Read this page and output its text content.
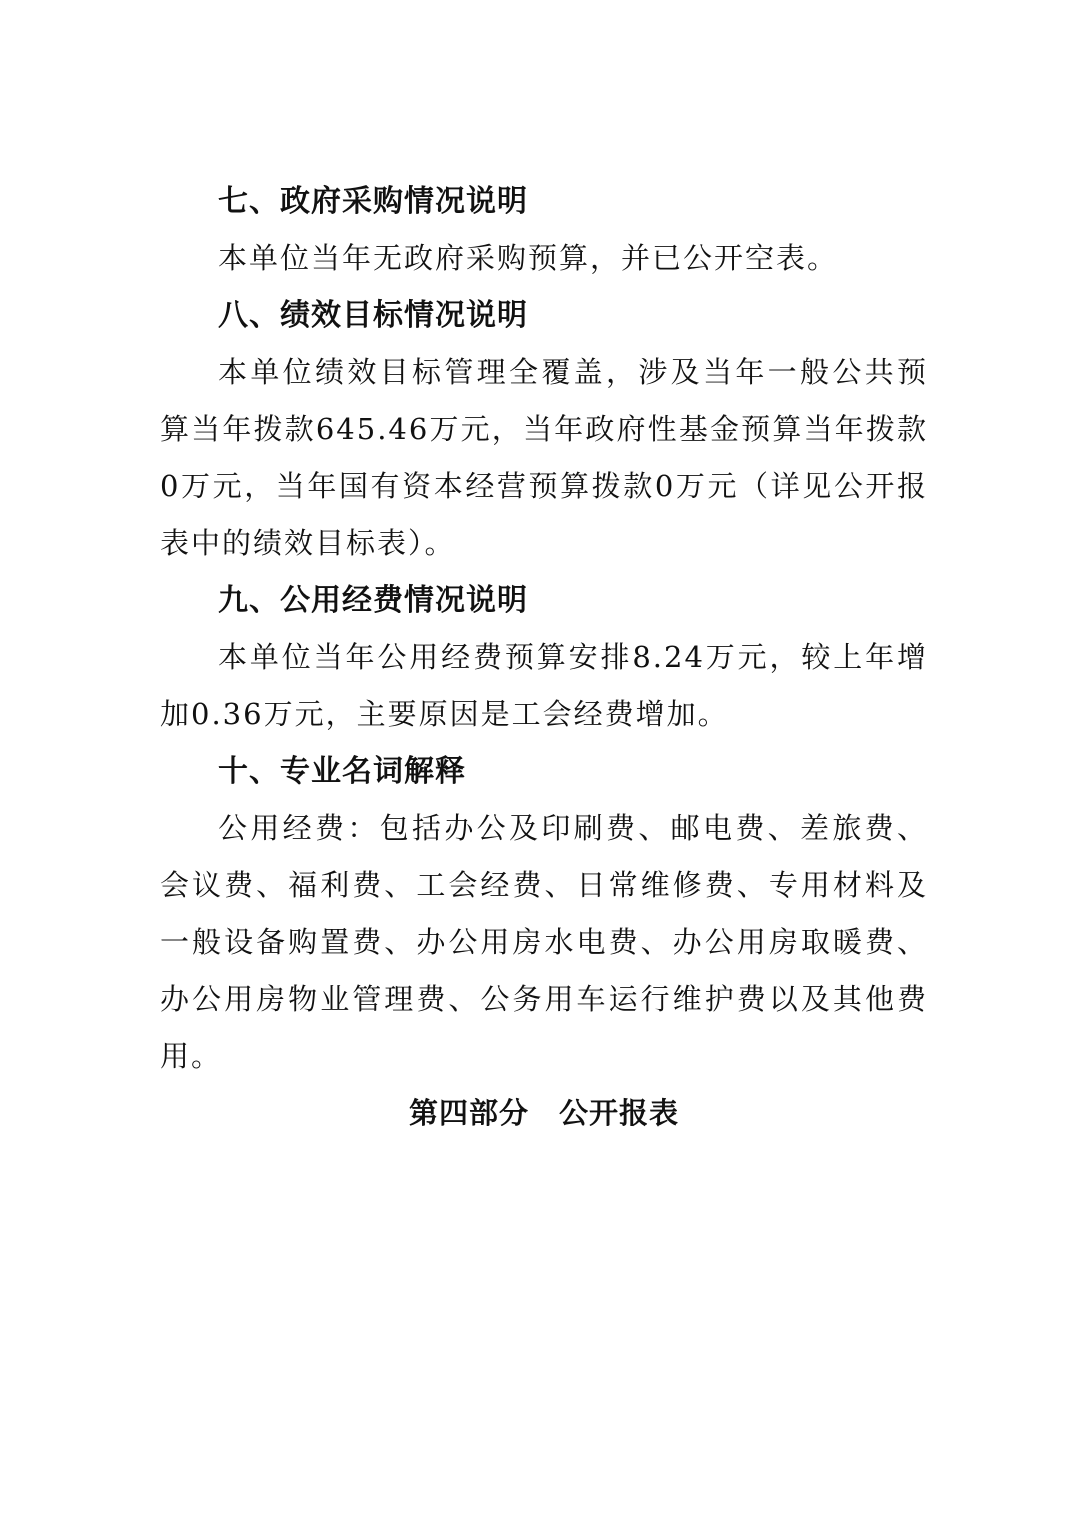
七、政府采购情况说明

本单位当年无政府采购预算，并已公开空表。

八、绩效目标情况说明

本单位绩效目标管理全覆盖，涉及当年一般公共预算当年拨款645.46万元，当年政府性基金预算当年拨款0万元，当年国有资本经营预算拨款0万元（详见公开报表中的绩效目标表）。

九、公用经费情况说明

本单位当年公用经费预算安排8.24万元，较上年增加0.36万元，主要原因是工会经费增加。

十、专业名词解释

公用经费：包括办公及印刷费、邮电费、差旅费、会议费、福利费、工会经费、日常维修费、专用材料及一般设备购置费、办公用房水电费、办公用房取暖费、办公用房物业管理费、公务用车运行维护费以及其他费用。

第四部分　公开报表
